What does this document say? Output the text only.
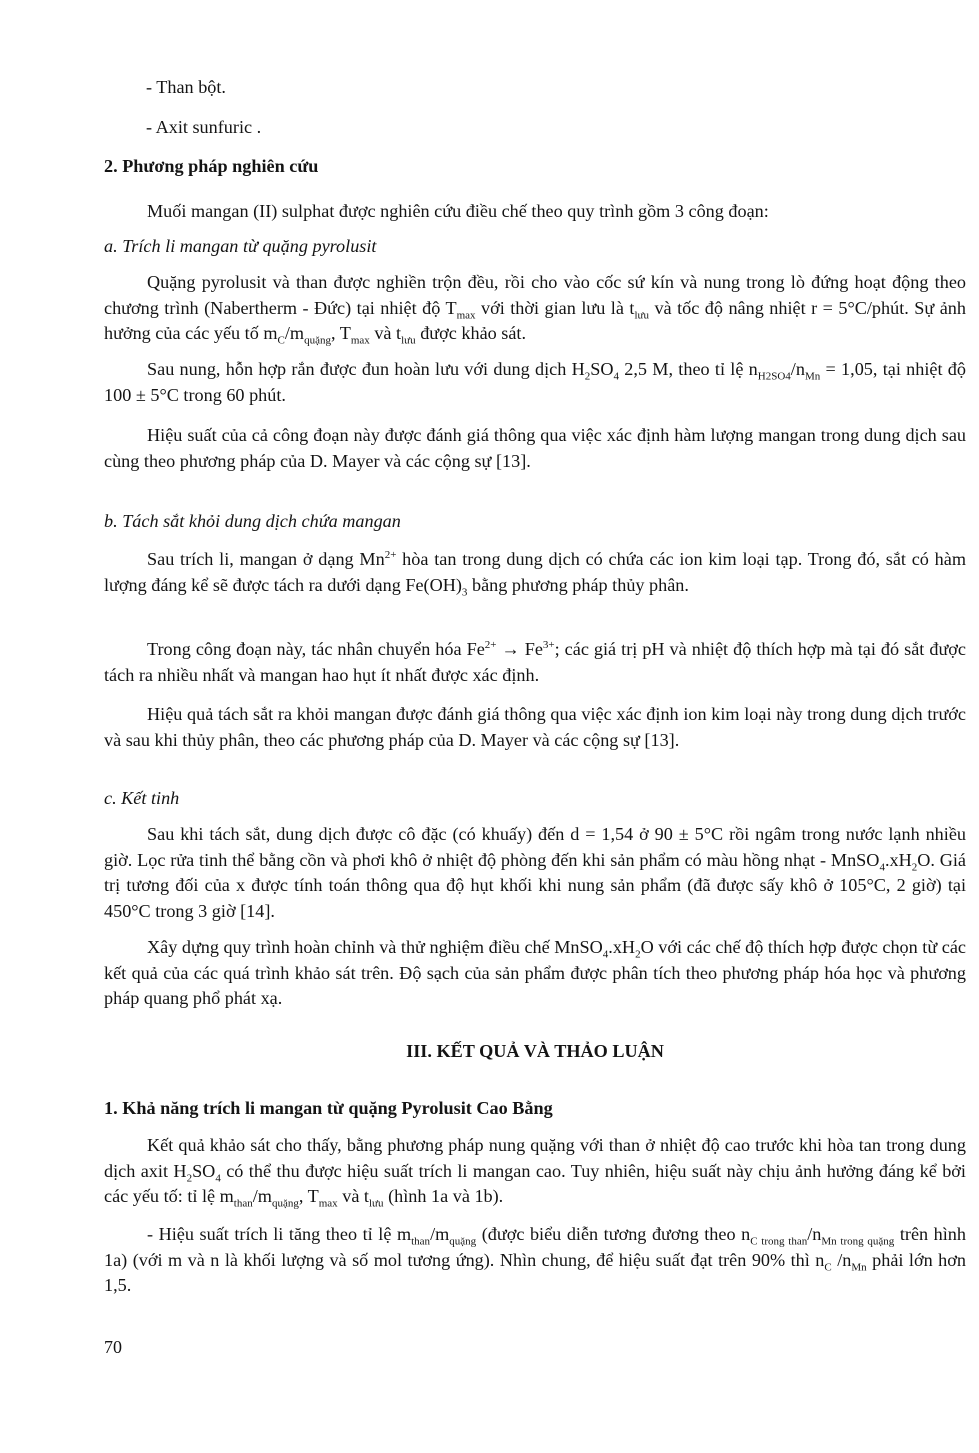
- Than bột.

- Axit sunfuric .

2. Phương pháp nghiên cứu

Muối mangan (II) sulphat được nghiên cứu điều chế theo quy trình gồm 3 công đoạn:

a. Trích li mangan từ quặng pyrolusit

Quặng pyrolusit và than được nghiền trộn đều, rồi cho vào cốc sứ kín và nung trong lò đứng hoạt động theo chương trình (Nabertherm - Đức) tại nhiệt độ $T_{max}$ với thời gian lưu là $t_{lưu}$ và tốc độ nâng nhiệt r = 5°C/phút. Sự ảnh hưởng của các yếu tố $m_C/m_{quặng}$, $T_{max}$ và $t_{lưu}$ được khảo sát.

Sau nung, hỗn hợp rắn được đun hoàn lưu với dung dịch $H_2SO_4$ 2,5 M, theo tỉ lệ $n_{H2SO4}/n_{Mn} = 1,05$, tại nhiệt độ 100 ± 5°C trong 60 phút.

Hiệu suất của cả công đoạn này được đánh giá thông qua việc xác định hàm lượng mangan trong dung dịch sau cùng theo phương pháp của D. Mayer và các cộng sự [13].

b. Tách sắt khỏi dung dịch chứa mangan

Sau trích li, mangan ở dạng $Mn^{2+}$ hòa tan trong dung dịch có chứa các ion kim loại tạp. Trong đó, sắt có hàm lượng đáng kể sẽ được tách ra dưới dạng $Fe(OH)_3$ bằng phương pháp thủy phân.

Trong công đoạn này, tác nhân chuyển hóa $Fe^{2+} \to Fe^{3+}$; các giá trị pH và nhiệt độ thích hợp mà tại đó sắt được tách ra nhiều nhất và mangan hao hụt ít nhất được xác định.

Hiệu quả tách sắt ra khỏi mangan được đánh giá thông qua việc xác định ion kim loại này trong dung dịch trước và sau khi thủy phân, theo các phương pháp của D. Mayer và các cộng sự [13].

c. Kết tinh

Sau khi tách sắt, dung dịch được cô đặc (có khuấy) đến d = 1,54 ở 90 ± 5°C rồi ngâm trong nước lạnh nhiều giờ. Lọc rửa tinh thể bằng cồn và phơi khô ở nhiệt độ phòng đến khi sản phẩm có màu hồng nhạt - $MnSO_4.xH_2O$. Giá trị tương đối của x được tính toán thông qua độ hụt khối khi nung sản phẩm (đã được sấy khô ở 105°C, 2 giờ) tại 450°C trong 3 giờ [14].

Xây dựng quy trình hoàn chỉnh và thử nghiệm điều chế $MnSO_4.xH_2O$ với các chế độ thích hợp được chọn từ các kết quả của các quá trình khảo sát trên. Độ sạch của sản phẩm được phân tích theo phương pháp hóa học và phương pháp quang phổ phát xạ.

III. KẾT QUẢ VÀ THẢO LUẬN

1. Khả năng trích li mangan từ quặng Pyrolusit Cao Bằng

Kết quả khảo sát cho thấy, bằng phương pháp nung quặng với than ở nhiệt độ cao trước khi hòa tan trong dung dịch axit $H_2SO_4$ có thể thu được hiệu suất trích li mangan cao. Tuy nhiên, hiệu suất này chịu ảnh hưởng đáng kể bởi các yếu tố: tỉ lệ $m_{than}/m_{quặng}$, $T_{max}$ và $t_{lưu}$ (hình 1a và 1b).

- Hiệu suất trích li tăng theo tỉ lệ $m_{than}/m_{quặng}$ (được biểu diễn tương đương theo $n_{C trong than}/n_{Mn trong quặng}$ trên hình 1a) (với m và n là khối lượng và số mol tương ứng). Nhìn chung, để hiệu suất đạt trên 90% thì $n_C$ $/n_{Mn}$ phải lớn hơn 1,5.

70
